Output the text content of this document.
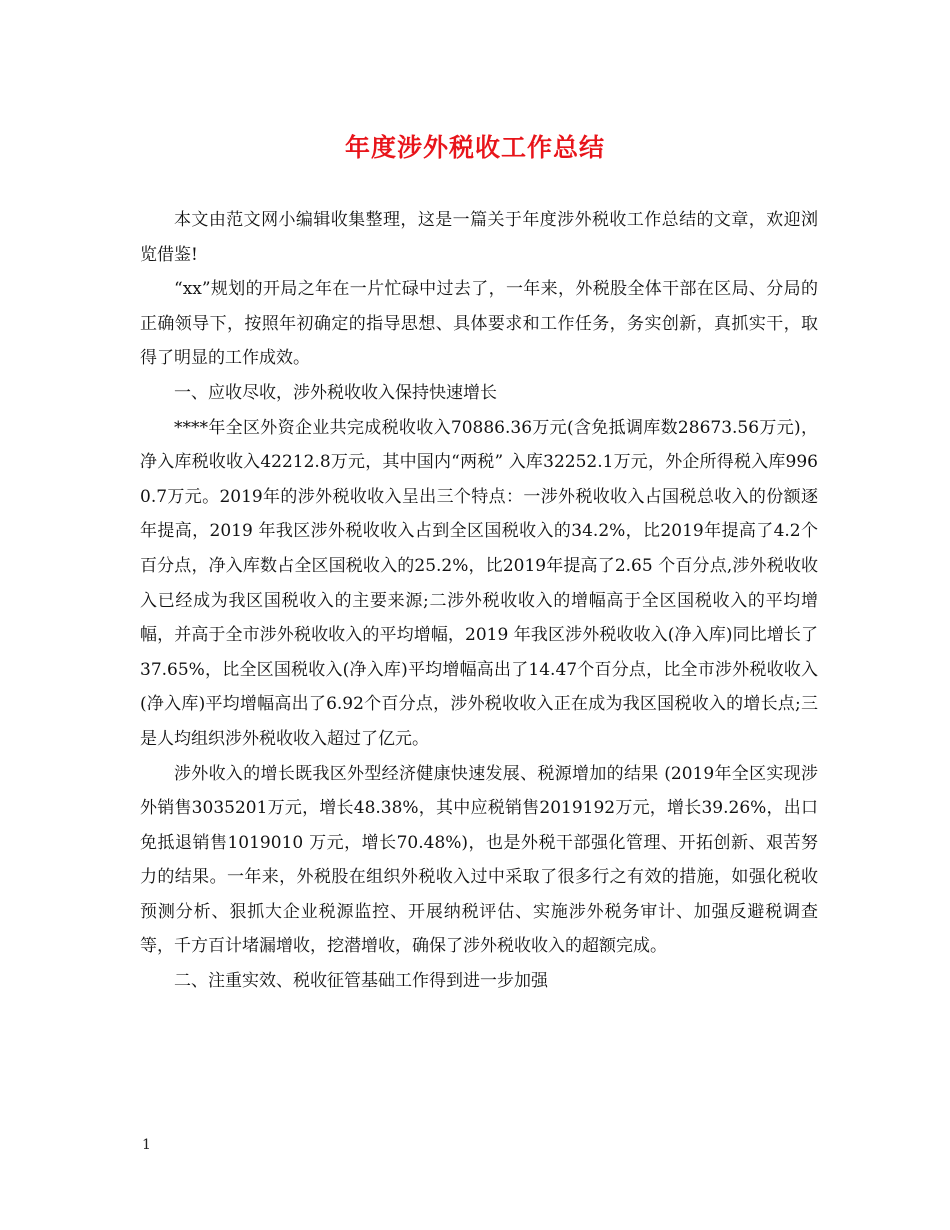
年度涉外税收工作总结

本文由范文网小编辑收集整理，这是一篇关于年度涉外税收工作总结的文章，欢迎浏览借鉴!

“xx”规划的开局之年在一片忙碌中过去了，一年来，外税股全体干部在区局、分局的正确领导下，按照年初确定的指导思想、具体要求和工作任务，务实创新，真抓实干，取得了明显的工作成效。

一、应收尽收，涉外税收收入保持快速增长

****年全区外资企业共完成税收收入70886.36万元(含免抵调库数28673.56万元)，净入库税收收入42212.8万元，其中国内“两税” 入库32252.1万元，外企所得税入库9960.7万元。2019年的涉外税收收入呈出三个特点：一涉外税收收入占国税总收入的份额逐年提高，2019 年我区涉外税收收入占到全区国税收入的34.2%，比2019年提高了4.2个百分点，净入库数占全区国税收入的25.2%，比2019年提高了2.65 个百分点,涉外税收收入已经成为我区国税收入的主要来源;二涉外税收收入的增幅高于全区国税收入的平均增幅，并高于全市涉外税收收入的平均增幅，2019 年我区涉外税收收入(净入库)同比增长了37.65%，比全区国税收入(净入库)平均增幅高出了14.47个百分点，比全市涉外税收收入(净入库)平均增幅高出了6.92个百分点，涉外税收收入正在成为我区国税收入的增长点;三是人均组织涉外税收收入超过了亿元。

涉外收入的增长既我区外型经济健康快速发展、税源增加的结果 (2019年全区实现涉外销售3035201万元，增长48.38%，其中应税销售2019192万元，增长39.26%，出口免抵退销售1019010 万元，增长70.48%)，也是外税干部强化管理、开拓创新、艰苦努力的结果。一年来，外税股在组织外税收入过中采取了很多行之有效的措施，如强化税收预测分析、狠抓大企业税源监控、开展纳税评估、实施涉外税务审计、加强反避税调查等，千方百计堵漏增收，挖潜增收，确保了涉外税收收入的超额完成。

二、注重实效、税收征管基础工作得到进一步加强

1
